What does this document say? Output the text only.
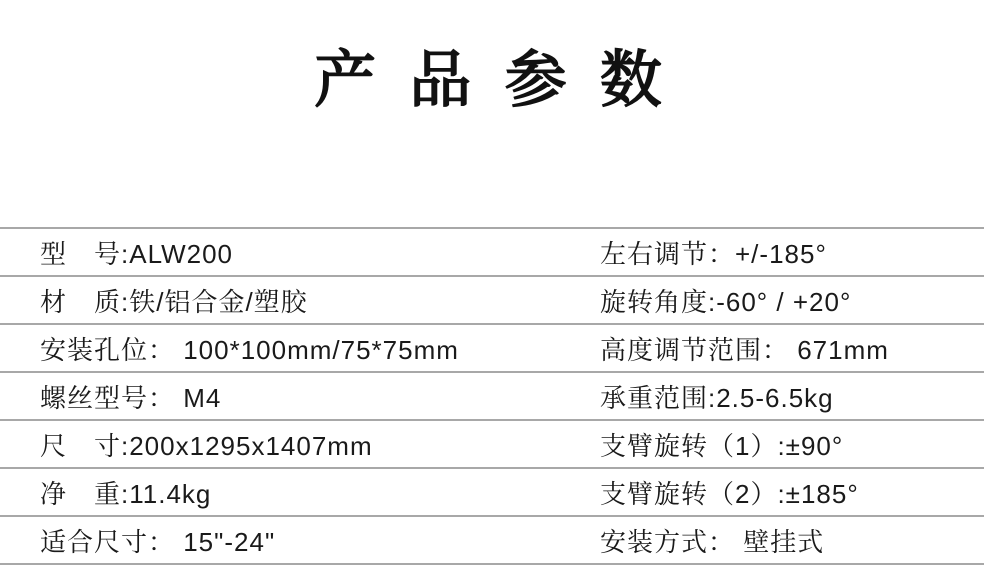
产 品 参 数
型　号:ALW200	左右调节：+/-185°
材　质:铁/铝合金/塑胶	旋转角度:-60° / +20°
安装孔位： 100*100mm/75*75mm	高度调节范围： 671mm
螺丝型号： M4	承重范围:2.5-6.5kg
尺　寸:200x1295x1407mm	支臂旋转（1）:±90°
净　重:11.4kg	支臂旋转（2）:±185°
适合尺寸： 15"-24"	安装方式： 壁挂式
